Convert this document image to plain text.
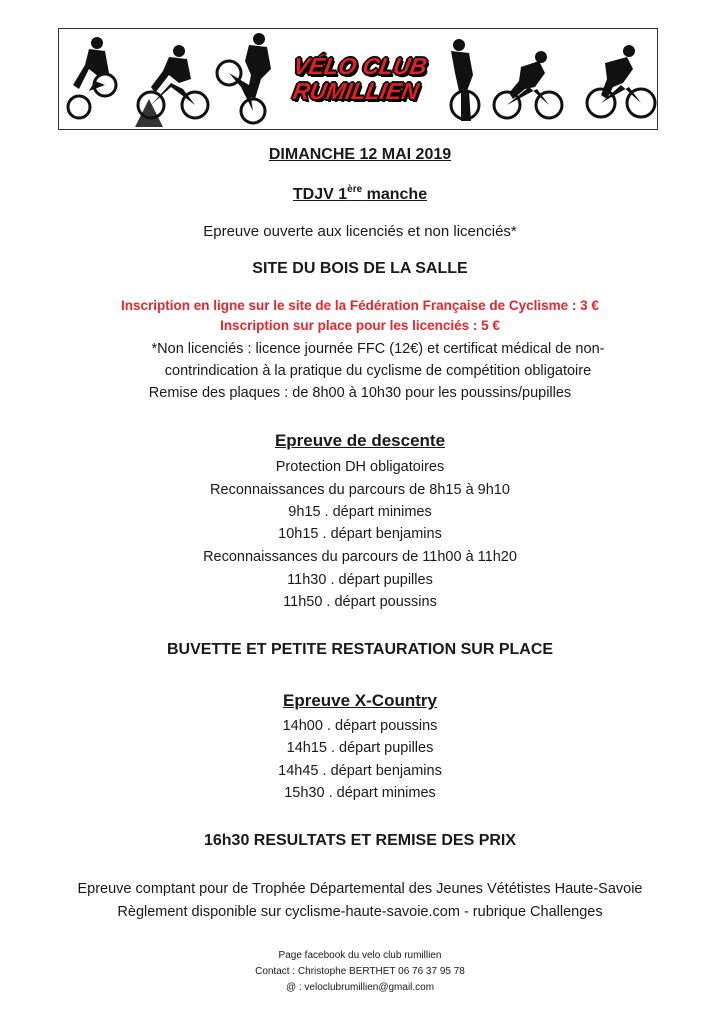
VÉLO CLUB
RUMILLIEN
DIMANCHE 12 MAI 2019
TDJV 1ère manche
Epreuve ouverte aux licenciés et non licenciés*
SITE DU BOIS DE LA SALLE
Inscription en ligne sur le site de la Fédération Française de Cyclisme : 3 €
Inscription sur place pour les licenciés : 5 €
*Non licenciés : licence journée FFC (12€) et certificat médical de non-
contrindication à la pratique du cyclisme de compétition obligatoire
Remise des plaques : de 8h00 à 10h30 pour les poussins/pupilles
Epreuve de descente
Protection DH obligatoires
Reconnaissances du parcours de 8h15 à 9h10
9h15 . départ minimes
10h15 . départ benjamins
Reconnaissances du parcours de 11h00 à 11h20
11h30 . départ pupilles
11h50 . départ poussins
BUVETTE ET PETITE RESTAURATION SUR PLACE
Epreuve X-Country
14h00 . départ poussins
14h15 . départ pupilles
14h45 . départ benjamins
15h30 . départ minimes
16h30 RESULTATS ET REMISE DES PRIX
Epreuve comptant pour de Trophée Départemental des Jeunes Vététistes Haute-Savoie
Règlement disponible sur cyclisme-haute-savoie.com - rubrique Challenges
Page facebook du velo club rumillien
Contact : Christophe BERTHET 06 76 37 95 78
@ : veloclubrumillien@gmail.com
